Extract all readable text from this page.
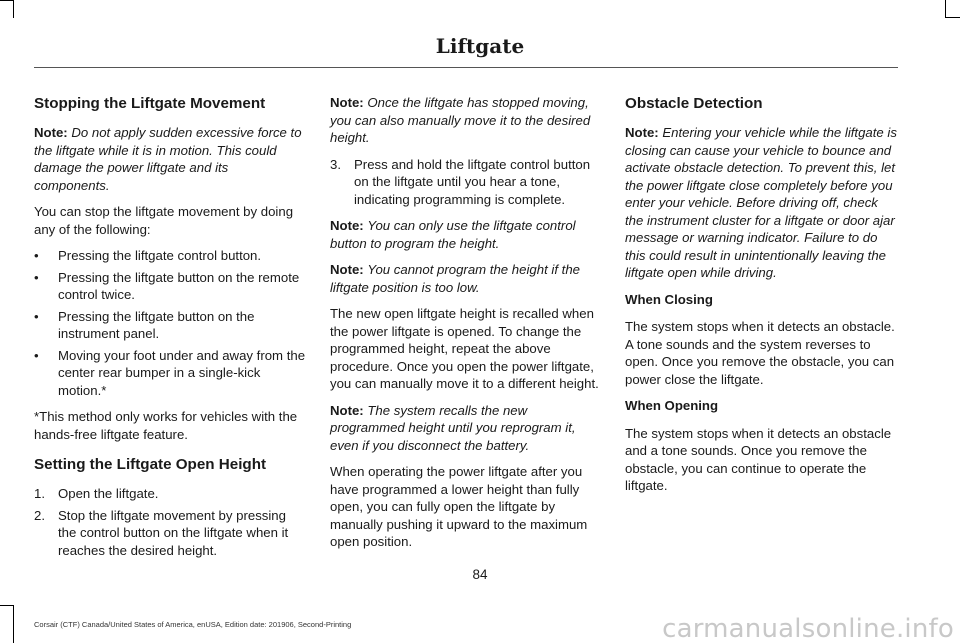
Liftgate
Stopping the Liftgate Movement

Note: Do not apply sudden excessive force to the liftgate while it is in motion. This could damage the power liftgate and its components.

You can stop the liftgate movement by doing any of the following:

•	Pressing the liftgate control button.
•	Pressing the liftgate button on the remote control twice.
•	Pressing the liftgate button on the instrument panel.
•	Moving your foot under and away from the center rear bumper in a single-kick motion.*

*This method only works for vehicles with the hands-free liftgate feature.

Setting the Liftgate Open Height
1. Open the liftgate.
2. Stop the liftgate movement by pressing the control button on the liftgate when it reaches the desired height.

Note: Once the liftgate has stopped moving, you can also manually move it to the desired height.

3. Press and hold the liftgate control button on the liftgate until you hear a tone, indicating programming is complete.

Note: You can only use the liftgate control button to program the height.

Note: You cannot program the height if the liftgate position is too low.

The new open liftgate height is recalled when the power liftgate is opened. To change the programmed height, repeat the above procedure. Once you open the power liftgate, you can manually move it to a different height.

Note: The system recalls the new programmed height until you reprogram it, even if you disconnect the battery.

When operating the power liftgate after you have programmed a lower height than fully open, you can fully open the liftgate by manually pushing it upward to the maximum open position.

Obstacle Detection

Note: Entering your vehicle while the liftgate is closing can cause your vehicle to bounce and activate obstacle detection. To prevent this, let the power liftgate close completely before you enter your vehicle. Before driving off, check the instrument cluster for a liftgate or door ajar message or warning indicator. Failure to do this could result in unintentionally leaving the liftgate open while driving.

When Closing

The system stops when it detects an obstacle. A tone sounds and the system reverses to open. Once you remove the obstacle, you can power close the liftgate.

When Opening

The system stops when it detects an obstacle and a tone sounds. Once you remove the obstacle, you can continue to operate the liftgate.

84
Corsair (CTF) Canada/United States of America, enUSA, Edition date: 201906, Second-Printing	carmanualsonline.info
